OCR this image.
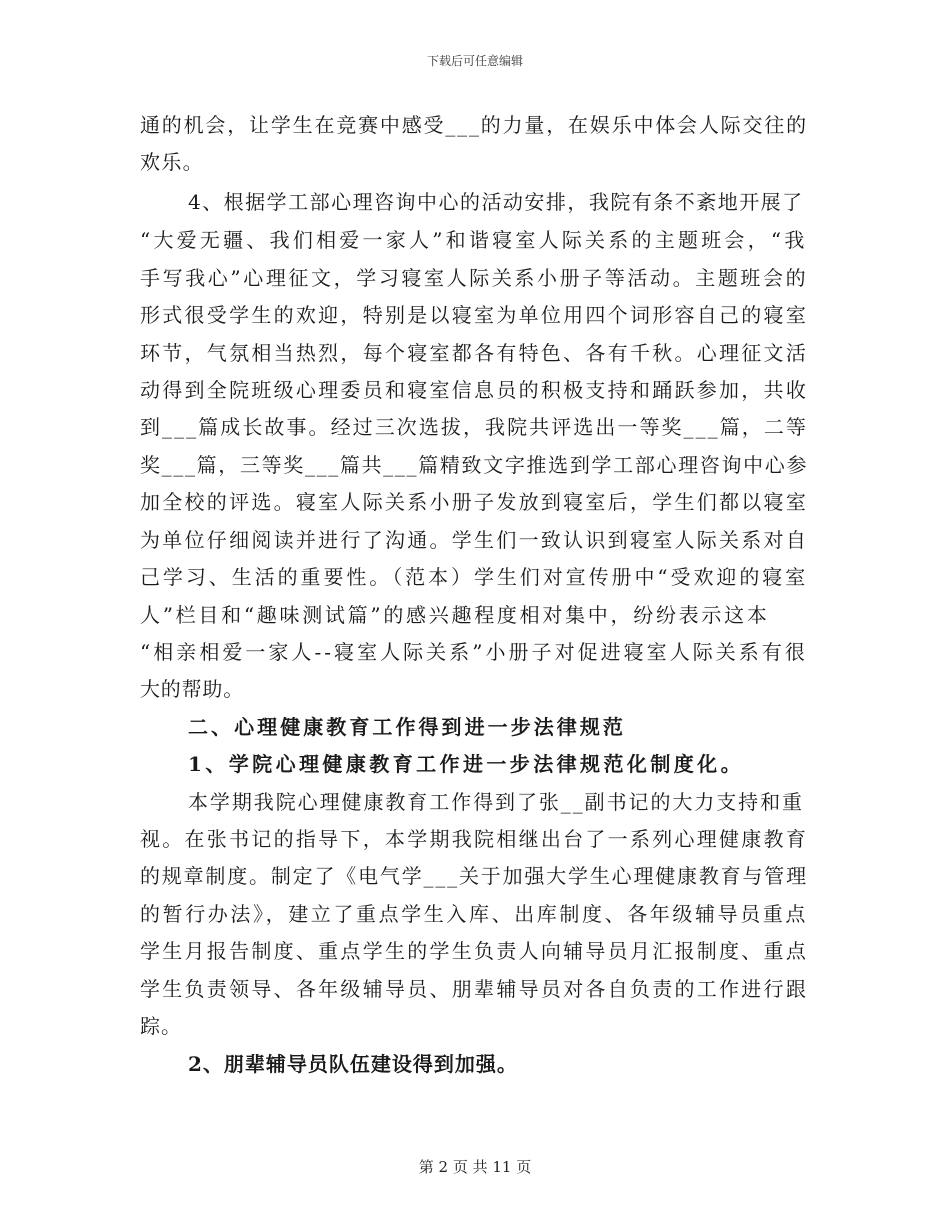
下载后可任意编辑
通的机会，让学生在竞赛中感受___的力量，在娱乐中体会人际交往的
欢乐。
4、根据学工部心理咨询中心的活动安排，我院有条不紊地开展了
“大爱无疆、我们相爱一家人”和谐寝室人际关系的主题班会，“我
手写我心”心理征文，学习寝室人际关系小册子等活动。主题班会的
形式很受学生的欢迎，特别是以寝室为单位用四个词形容自己的寝室
环节，气氛相当热烈，每个寝室都各有特色、各有千秋。心理征文活
动得到全院班级心理委员和寝室信息员的积极支持和踊跃参加，共收
到___篇成长故事。经过三次选拔，我院共评选出一等奖___篇，二等
奖___篇，三等奖___篇共___篇精致文字推选到学工部心理咨询中心参
加全校的评选。寝室人际关系小册子发放到寝室后，学生们都以寝室
为单位仔细阅读并进行了沟通。学生们一致认识到寝室人际关系对自
己学习、生活的重要性。（范本）学生们对宣传册中“受欢迎的寝室
人”栏目和“趣味测试篇”的感兴趣程度相对集中，纷纷表示这本
“相亲相爱一家人--寝室人际关系”小册子对促进寝室人际关系有很
大的帮助。
二、心理健康教育工作得到进一步法律规范
1、学院心理健康教育工作进一步法律规范化制度化。
本学期我院心理健康教育工作得到了张__副书记的大力支持和重
视。在张书记的指导下，本学期我院相继出台了一系列心理健康教育
的规章制度。制定了《电气学___关于加强大学生心理健康教育与管理
的暂行办法》，建立了重点学生入库、出库制度、各年级辅导员重点
学生月报告制度、重点学生的学生负责人向辅导员月汇报制度、重点
学生负责领导、各年级辅导员、朋辈辅导员对各自负责的工作进行跟
踪。
2、朋辈辅导员队伍建设得到加强。
第 2 页 共 11 页
